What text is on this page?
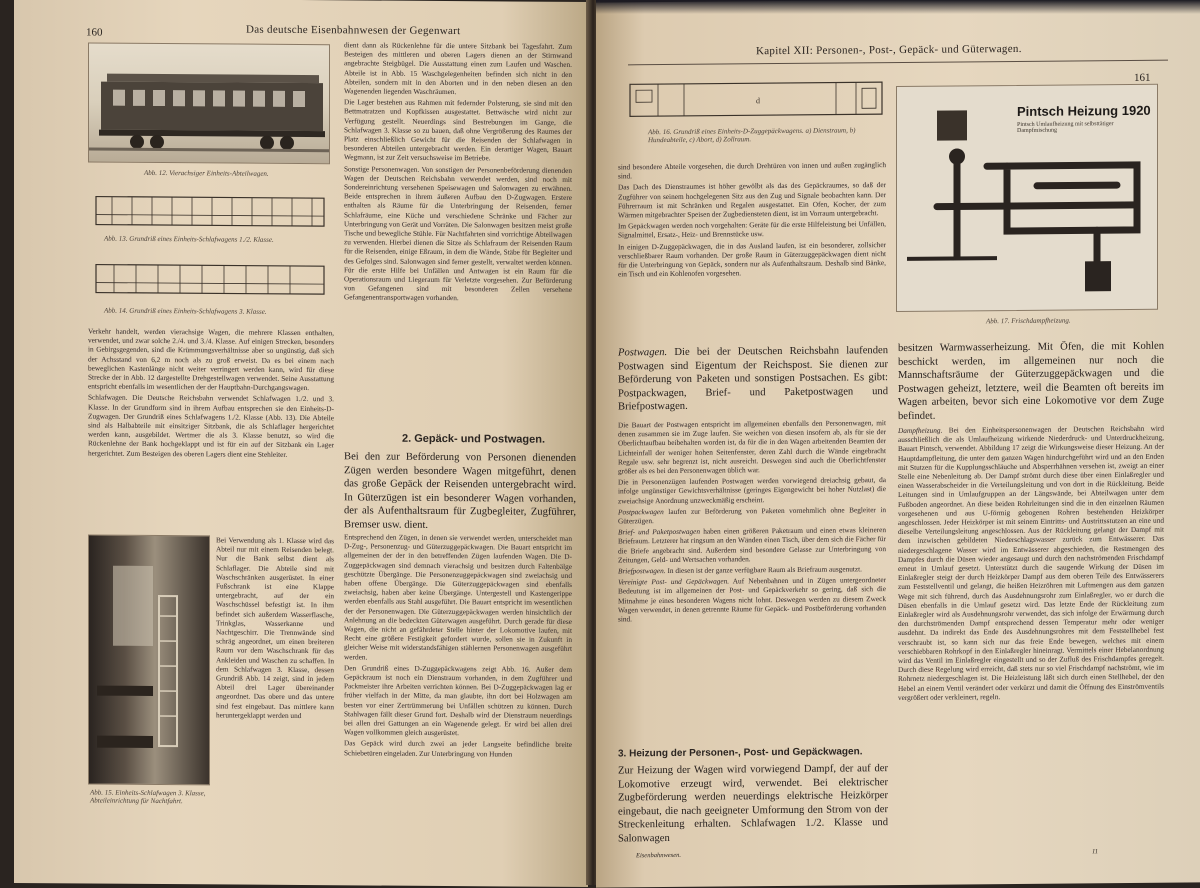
160	Das deutsche Eisenbahnwesen der Gegenwart
Abb. 12. Vierachsiger Einheits-Abteilwagen.
Abb. 13. Grundriß eines Einheits-Schlafwagens 1./2. Klasse.
Abb. 14. Grundriß eines Einheits-Schlafwagens 3. Klasse.

Verkehr handelt, werden vierachsige Wagen, die mehrere Klassen enthalten, verwendet, und zwar solche 2./4. und 3./4. Klasse. Auf einigen Strecken, besonders in Gebirgsgegenden, sind die Krümmungsverhältnisse aber so ungünstig, daß sich der Achsstand von 6,2 m noch als zu groß erweist. Da es bei einem nach beweglichen Kastenlänge nicht weiter verringert werden kann, wird für diese Strecke der in Abb. 12 dargestellte Drehgestellwagen verwendet. Seine Ausstattung entspricht ebenfalls im wesentlichen der der Hauptbahn-Durchgangswagen.

Schlafwagen. Die Deutsche Reichsbahn verwendet Schlafwagen 1./2. und 3. Klasse. In der Grundform sind in ihrem Aufbau entsprechen sie den Einheits-D-Zugwagen. Der Grundriß eines Schlafwagens 1./2. Klasse (Abb. 13). Die Abteile sind als Halbabteile mit einsitziger Sitzbank, die als Schlaflager hergerichtet werden kann, ausgebildet. Wertmer die als 3. Klasse benutzt, so wird die Rückenlehne der Bank hochgeklappt und ist für ein auf der Sitzbank ein Lager hergerichtet. Zum Besteigen des oberen Lagers dient eine Stehleiter.

Abb. 15. Einheits-Schlafwagen 3. Klasse, Abteileinrichtung für Nachtfahrt.

Bei Verwendung als 1. Klasse wird das Abteil nur mit einem Reisenden belegt. Nur die Bank selbst dient als Schlaflager. Die Abteile sind mit Waschschränken ausgerüstet. In einer Fußschrank ist eine Klappe untergebracht, auf der ein Waschschüssel befestigt ist. In ihm befindet sich außerdem Wasserflasche, Trinkglas, Wasserkanne und Nachtgeschirr. Die Trennwände sind schräg angeordnet, um einen breiteren Raum vor dem Waschschrank für das Ankleiden und Waschen zu schaffen. In dem Schlafwagen 3. Klasse, dessen Grundriß Abb. 14 zeigt, sind in jedem Abteil drei Lager übereinander angeordnet. Das obere und das untere sind fest eingebaut. Das mittlere kann heruntergeklappt werden und

dient dann als Rückenlehne für die untere Sitzbank bei Tagesfahrt. Zum Besteigen des mittleren und oberen Lagers dienen an der Stirnwand angebrachte Steigbügel. Die Ausstattung einen zum Laufen und Waschen. Abteile ist in Abb. 15 Waschgelegenheiten befinden sich nicht in den Abteilen, sondern mit in den Aborten und in den neben diesen an den Wagenenden liegenden Waschräumen.

Die Lager bestehen aus Rahmen mit federnder Polsterung, sie sind mit den Bettmatratzen und Kopfkissen ausgestattet. Bettwäsche wird nicht zur Verfügung gestellt. Neuerdings sind Bestrebungen im Gange, die Schlafwagen 3. Klasse so zu bauen, daß ohne Vergrößerung des Raumes der Platz einschließlich Gewicht für die Reisenden der Schlafwagen in besonderen Abteilen untergebracht werden. Ein derartiger Wagen, Bauart Wegmann, ist zur Zeit versuchsweise im Betriebe.

Sonstige Personenwagen. Von sonstigen der Personenbeförderung dienenden Wagen der Deutschen Reichsbahn verwendet werden, sind noch mit Sondereinrichtung versehenen Speisewagen und Salonwagen zu erwähnen. Beide entsprechen in ihrem äußeren Aufbau den D-Zugwagen. Erstere enthalten als Räume für die Unterbringung der Reisenden, ferner Schlafräume, eine Küche und verschiedene Schränke und Fächer zur Unterbringung von Gerät und Vorräten. Die Salonwagen besitzen meist große Tische und bewegliche Stühle. Für Nachtfahrten sind vorrichtige Abteilwagen zu verwenden. Hierbei dienen die Sitze als Schlafraum der Reisenden Raum für die Reisenden, einige Eßraum, in dem die Wände, Stäbe für Begleiter und des Gefolges sind. Salonwagen sind ferner gestellt, verwaltet werden können. Für die erste Hilfe bei Unfällen und Antwagen ist ein Raum für die Operationsraum und Liegeraum für Verletzte vorgesehen. Zur Beförderung von Gefangenen sind mit besonderen Zellen versehene Gefangenentransportwagen vorhanden.

2. Gepäck- und Postwagen.
Bei den zur Beförderung von Personen dienenden Zügen werden besondere Wagen mitgeführt, denen das große Gepäck der Reisenden untergebracht wird. In Güterzügen ist ein besonderer Wagen vorhanden, der als Aufenthaltsraum für Zugbegleiter, Zugführer, Bremser usw. dient.

Entsprechend den Zügen, in denen sie verwendet werden, unterscheidet man D-Zug-, Personenzug- und Güterzuggepäckwagen. Die Bauart entspricht im allgemeinen der der in den betreffenden Zügen laufenden Wagen. Die D-Zuggepäckwagen sind demnach vierachsig und besitzen durch Faltenbälge geschützte Übergänge. Die Personenzuggepäckwagen sind zweiachsig und haben offene Übergänge. Die Güterzuggepäckwagen sind ebenfalls zweiachsig, haben aber keine Übergänge. Untergestell und Kastengerippe werden ebenfalls aus Stahl ausgeführt. Die Bauart entspricht im wesentlichen der der Personenwagen. Die Güterzuggepäckwagen werden hinsichtlich der Anlehnung an die bedeckten Güterwagen ausgeführt. Durch gerade für diese Wagen, die nicht an gefährdeter Stelle hinter der Lokomotive laufen, mit Recht eine größere Festigkeit gefordert wurde, sollen sie in Zukunft in gleicher Weise mit widerstandsfähigen stählernen Personenwagen ausgeführt werden.

Den Grundriß eines D-Zuggepäckwagens zeigt Abb. 16. Außer dem Gepäckraum ist noch ein Dienstraum vorhanden, in dem Zugführer und Packmeister ihre Arbeiten verrichten können. Bei D-Zuggepäckwagen lag er früher vielfach in der Mitte, da man glaubte, ihn dort bei Holzwagen am besten vor einer Zertrümmerung bei Unfällen schützen zu können. Durch Stahlwagen fällt dieser Grund fort. Deshalb wird der Dienstraum neuerdings bei allen drei Gattungen an ein Wagenende gelegt. Er wird bei allen drei Wagen vollkommen gleich ausgerüstet.

Das Gepäck wird durch zwei an jeder Langseite befindliche breite Schiebetüren eingeladen. Zur Unterbringung von Hunden

Kapitel XII: Personen-, Post-, Gepäck- und Güterwagen.
161
d
Abb. 16. Grundriß eines Einheits-D-Zuggepäckwagens. a) Dienstraum, b) Hundeabteile, c) Abort, d) Zollraum.
Pintsch Heizung 1920
Pintsch Umlaufheizung mit selbsttätiger Dampfmischung
Abb. 17. Frischdampfheizung.

sind besondere Abteile vorgesehen, die durch Drehtüren von innen und außen zugänglich sind.

Das Dach des Dienstraumes ist höher gewölbt als das des Gepäckraumes, so daß der Zugführer von seinem hochgelegenen Sitz aus den Zug und Signale beobachten kann. Der Führerraum ist mit Schränken und Regalen ausgestattet. Ein Ofen, Kocher, der zum Wärmen mitgebrachter Speisen der Zugbediensteten dient, ist im Vorraum untergebracht.

Im Gepäckwagen werden noch vorgehalten: Geräte für die erste Hilfeleistung bei Unfällen, Signalmittel, Ersatz-, Heiz- und Brennstücke usw.

In einigen D-Zuggepäckwagen, die in das Ausland laufen, ist ein besonderer, zollsicher verschließbarer Raum vorhanden. Der große Raum in Güterzuggepäckwagen dient nicht für die Unterbringung von Gepäck, sondern nur als Aufenthaltsraum. Deshalb sind Bänke, ein Tisch und ein Kohlenofen vorgesehen.

Postwagen. Die bei der Deutschen Reichsbahn laufenden Postwagen sind Eigentum der Reichspost. Sie dienen zur Beförderung von Paketen und sonstigen Postsachen. Es gibt: Postpackwagen, Brief- und Paketpostwagen und Briefpostwagen.

Die Bauart der Postwagen entspricht im allgemeinen ebenfalls den Personenwagen, mit denen zusammen sie im Zuge laufen. Sie weichen von diesen insofern ab, als für sie der Oberlichtaufbau beibehalten worden ist, da für die in den Wagen arbeitenden Beamten der Lichteinfall der weniger hohen Seitenfenster, deren Zahl durch die Wände eingebracht Regale usw. sehr begrenzt ist, nicht ausreicht. Deswegen sind auch die Oberlichtfenster größer als es bei den Personenwagen üblich war.

Die in Personenzügen laufenden Postwagen werden vorwiegend dreiachsig gebaut, da infolge ungünstiger Gewichtsverhältnisse (geringes Eigengewicht bei hoher Nutzlast) die zweiachsige Anordnung unzweckmäßig erscheint.

Postpackwagen laufen zur Beförderung von Paketen vornehmlich ohne Begleiter in Güterzügen.

Brief- und Paketpostwagen haben einen größeren Paketraum und einen etwas kleineren Briefraum. Letzterer hat ringsum an den Wänden einen Tisch, über dem sich die Fächer für die Briefe angebracht sind. Außerdem sind besondere Gelasse zur Unterbringung von Zeitungen, Geld- und Wertsachen vorhanden.

Briefpostwagen. In diesen ist der ganze verfügbare Raum als Briefraum ausgenutzt.

Vereinigte Post- und Gepäckwagen. Auf Nebenbahnen und in Zügen untergeordneter Bedeutung ist im allgemeinen der Post- und Gepäckverkehr so gering, daß sich die Mitnahme je eines besonderen Wagens nicht lohnt. Deswegen werden zu diesem Zweck Wagen verwendet, in denen getrennte Räume für Gepäck- und Postbeförderung vorhanden sind.

3. Heizung der Personen-, Post- und Gepäckwagen.
Zur Heizung der Wagen wird vorwiegend Dampf, der auf der Lokomotive erzeugt wird, verwendet. Bei elektrischer Zugbeförderung werden neuerdings elektrische Heizkörper eingebaut, die nach geeigneter Umformung den Strom von der Streckenleitung erhalten. Schlafwagen 1./2. Klasse und Salonwagen
Eisenbahnwesen.
11
besitzen Warmwasserheizung. Mit Öfen, die mit Kohlen beschickt werden, im allgemeinen nur noch die Mannschaftsräume der Güterzuggepäckwagen und die Postwagen geheizt, letztere, weil die Beamten oft bereits im Wagen arbeiten, bevor sich eine Lokomotive vor dem Zuge befindet.

Dampfheizung. Bei den Einheitspersonenwagen der Deutschen Reichsbahn wird ausschließlich die als Umlaufheizung wirkende Niederdruck- und Unterdruckheizung, Bauart Pintsch, verwendet. Abbildung 17 zeigt die Wirkungsweise dieser Heizung. An der Hauptdampfleitung, die unter dem ganzen Wagen hindurchgeführt wird und an den Enden mit Stutzen für die Kupplungsschläuche und Absperrhähnen versehen ist, zweigt an einer Stelle eine Nebenleitung ab. Der Dampf strömt durch diese über einen Einlaßregler und einen Wasserabscheider in die Verteilungsleitung und von dort in die Rückleitung. Beide Leitungen sind in Umlaufgruppen an der Längswände, bei Abteilwagen unter dem Fußboden angeordnet. An diese beiden Rohrleitungen sind die in den einzelnen Räumen vorgesehenen und aus U-förmig gebogenen Rohren bestehenden Heizkörper angeschlossen. Jeder Heizkörper ist mit seinem Eintritts- und Austrittsstutzen an eine und dieselbe Verteilungsleitung angeschlossen. Aus der Rückleitung gelangt der Dampf mit dem inzwischen gebildeten Niederschlagswasser zurück zum Entwässerer. Das niedergeschlagene Wasser wird im Entwässerer abgeschieden, die Restmengen des Dampfes durch die Düsen wieder angesaugt und durch den nachströmenden Frischdampf erneut in Umlauf gesetzt. Unterstützt durch die saugende Wirkung der Düsen im Einlaßregler steigt der durch Heizkörper Dampf aus dem oberen Teile des Entwässerers zum Feststellventil und gelangt, die heißen Heizröhren mit Luftmengen aus dem ganzen Wege mit sich führend, durch das Ausdehnungsrohr zum Einlaßregler, wo er durch die Düsen ebenfalls in die Umlauf gesetzt wird. Das letzte Ende der Rückleitung zum Einlaßregler wird als Ausdehnungsrohr verwendet, das sich infolge der Erwärmung durch den durchströmenden Dampf entsprechend dessen Temperatur mehr oder weniger ausdehnt. Da indirekt das Ende des Ausdehnungsrohres mit dem Feststellhebel fest verschraubt ist, so kann sich nur das freie Ende bewegen, welches mit einem verschiebbaren Rohrkopf in den Einlaßregler hineinragt. Vermittels einer Hebelanordnung wird das Ventil im Einlaßregler eingestellt und so der Zufluß des Frischdampfes geregelt. Durch diese Regelung wird erreicht, daß stets nur so viel Frischdampf nachströmt, wie im Rohrnetz niedergeschlagen ist. Die Heizleistung läßt sich durch einen Stellhebel, der den Hebel an einem Ventil verändert oder verkürzt und damit die Öffnung des Einströmventils vergrößert oder verkleinert, regeln.
